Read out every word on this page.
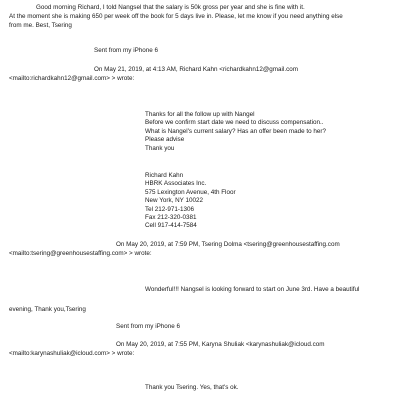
Good morning Richard, I told Nangsel that the salary is 50k gross per year and she is fine with it.
At the moment she is making 650 per week off the book for 5 days live in. Please, let me know if you need anything else
from me. Best, Tsering
Sent from my iPhone 6
On May 21, 2019, at 4:13 AM, Richard Kahn <richardkahn12@gmail.com
<mailto:richardkahn12@gmail.com> > wrote:
Thanks for all the follow up with Nangel
Before we confirm start date we need to discuss compensation..
What is Nangel's current salary? Has an offer been made to her?
Please advise
Thank you
Richard Kahn
HBRK Associates Inc.
575 Lexington Avenue, 4th Floor
New York, NY 10022
Tel 212-971-1306
Fax 212-320-0381
Cell 917-414-7584
On May 20, 2019, at 7:59 PM, Tsering Dolma <tsering@greenhousestaffing.com
<mailto:tsering@greenhousestaffing.com> > wrote:
Wonderful!!! Nangsel is looking forward to start on June 3rd. Have a beautiful
evening, Thank you,Tsering
Sent from my iPhone 6
On May 20, 2019, at 7:55 PM, Karyna Shuliak <karynashuliak@icloud.com
<mailto:karynashuliak@icloud.com> > wrote:
Thank you Tsering. Yes, that's ok.
